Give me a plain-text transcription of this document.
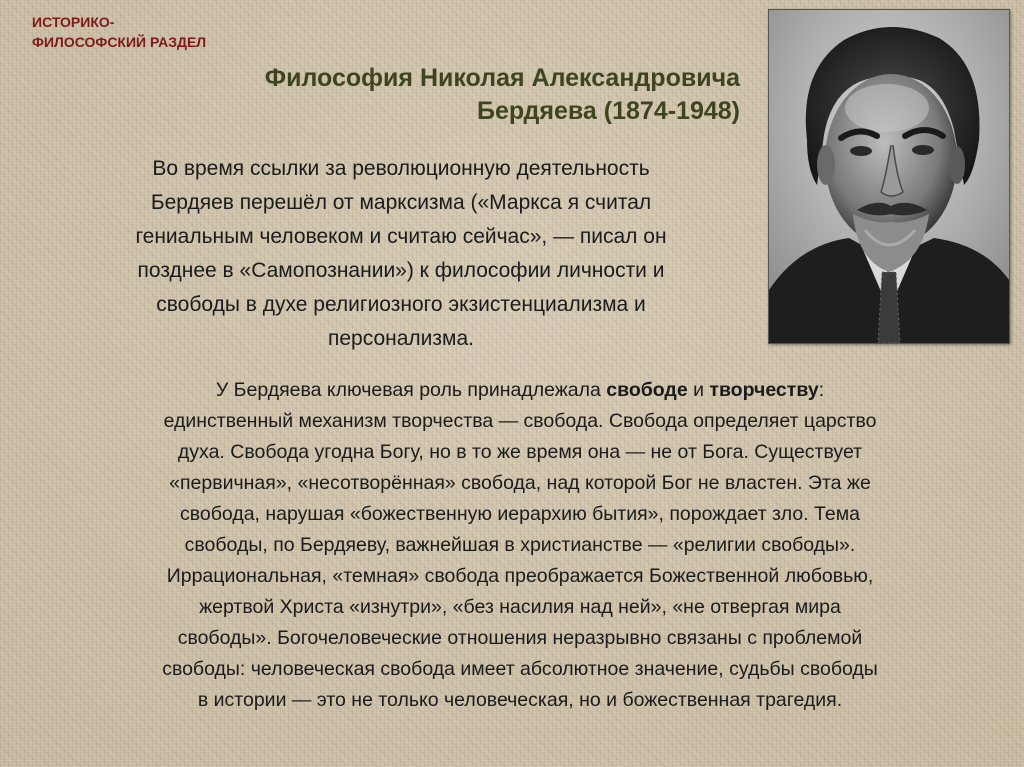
ИСТОРИКО-
ФИЛОСОФСКИЙ РАЗДЕЛ
Философия Николая Александровича
Бердяева (1874-1948)
Во время ссылки за революционную деятельность
Бердяев перешёл от марксизма («Маркса я считал
гениальным человеком и считаю сейчас», — писал он
позднее в «Самопознании») к философии личности и
свободы в духе религиозного экзистенциализма и
персонализма.
У Бердяева ключевая роль принадлежала свободе и творчеству:
единственный механизм творчества — свобода. Свобода определяет царство
духа. Свобода угодна Богу, но в то же время она — не от Бога. Существует
«первичная», «несотворённая» свобода, над которой Бог не властен. Эта же
свобода, нарушая «божественную иерархию бытия», порождает зло. Тема
свободы, по Бердяеву, важнейшая в христианстве — «религии свободы».
Иррациональная, «темная» свобода преображается Божественной любовью,
жертвой Христа «изнутри», «без насилия над ней», «не отвергая мира
свободы». Богочеловеческие отношения неразрывно связаны с проблемой
свободы: человеческая свобода имеет абсолютное значение, судьбы свободы
в истории — это не только человеческая, но и божественная трагедия.
